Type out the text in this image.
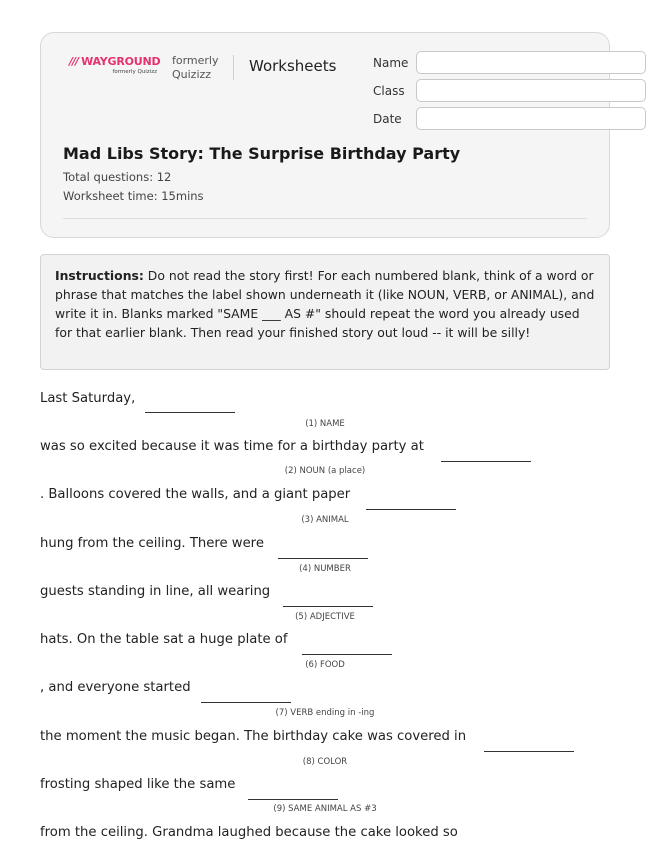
/// WAYGROUND
formerly Quizizz
formerly
Quizizz	Worksheets	Name
Class
Date
Mad Libs Story: The Surprise Birthday Party
Total questions: 12
Worksheet time: 15mins
Instructions: Do not read the story first! For each numbered blank, think of a word or phrase that matches the label shown underneath it (like NOUN, VERB, or ANIMAL), and write it in. Blanks marked "SAME ___ AS #" should repeat the word you already used for that earlier blank. Then read your finished story out loud -- it will be silly!
Last Saturday,
(1) NAME
was so excited because it was time for a birthday party at
(2) NOUN (a place)
. Balloons covered the walls, and a giant paper
(3) ANIMAL
hung from the ceiling. There were
(4) NUMBER
guests standing in line, all wearing
(5) ADJECTIVE
hats. On the table sat a huge plate of
(6) FOOD
, and everyone started
(7) VERB ending in -ing
the moment the music began. The birthday cake was covered in
(8) COLOR
frosting shaped like the same
(9) SAME ANIMAL AS #3
from the ceiling. Grandma laughed because the cake looked so
